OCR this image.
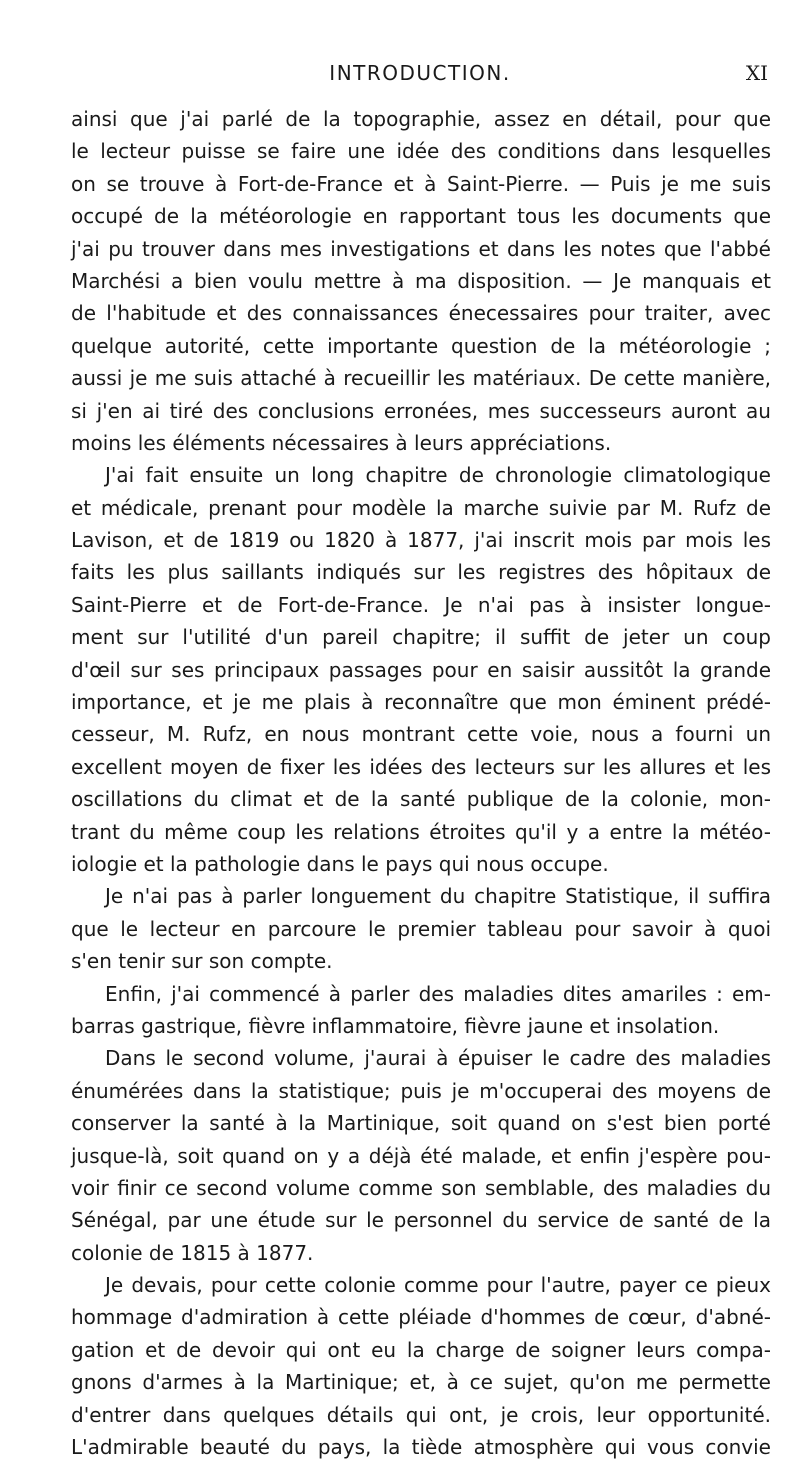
INTRODUCTION.	XI
ainsi que j'ai parlé de la topographie, assez en détail, pour que
le lecteur puisse se faire une idée des conditions dans lesquelles
on se trouve à Fort-de-France et à Saint-Pierre. — Puis je me suis
occupé de la météorologie en rapportant tous les documents que
j'ai pu trouver dans mes investigations et dans les notes que l'abbé
Marchési a bien voulu mettre à ma disposition. — Je manquais et
de l'habitude et des connaissances énecessaires pour traiter, avec
quelque autorité, cette importante question de la météorologie ;
aussi je me suis attaché à recueillir les matériaux. De cette manière,
si j'en ai tiré des conclusions erronées, mes successeurs auront au
moins les éléments nécessaires à leurs appréciations.
J'ai fait ensuite un long chapitre de chronologie climatologique
et médicale, prenant pour modèle la marche suivie par M. Rufz de
Lavison, et de 1819 ou 1820 à 1877, j'ai inscrit mois par mois les
faits les plus saillants indiqués sur les registres des hôpitaux de
Saint-Pierre et de Fort-de-France. Je n'ai pas à insister longue-
ment sur l'utilité d'un pareil chapitre; il suffit de jeter un coup
d'œil sur ses principaux passages pour en saisir aussitôt la grande
importance, et je me plais à reconnaître que mon éminent prédé-
cesseur, M. Rufz, en nous montrant cette voie, nous a fourni un
excellent moyen de fixer les idées des lecteurs sur les allures et les
oscillations du climat et de la santé publique de la colonie, mon-
trant du même coup les relations étroites qu'il y a entre la météo-
iologie et la pathologie dans le pays qui nous occupe.
Je n'ai pas à parler longuement du chapitre Statistique, il suffira
que le lecteur en parcoure le premier tableau pour savoir à quoi
s'en tenir sur son compte.
Enfin, j'ai commencé à parler des maladies dites amariles : em-
barras gastrique, fièvre inflammatoire, fièvre jaune et insolation.
Dans le second volume, j'aurai à épuiser le cadre des maladies
énumérées dans la statistique; puis je m'occuperai des moyens de
conserver la santé à la Martinique, soit quand on s'est bien porté
jusque-là, soit quand on y a déjà été malade, et enfin j'espère pou-
voir finir ce second volume comme son semblable, des maladies du
Sénégal, par une étude sur le personnel du service de santé de la
colonie de 1815 à 1877.
Je devais, pour cette colonie comme pour l'autre, payer ce pieux
hommage d'admiration à cette pléiade d'hommes de cœur, d'abné-
gation et de devoir qui ont eu la charge de soigner leurs compa-
gnons d'armes à la Martinique; et, à ce sujet, qu'on me permette
d'entrer dans quelques détails qui ont, je crois, leur opportunité.
L'admirable beauté du pays, la tiède atmosphère qui vous convie
